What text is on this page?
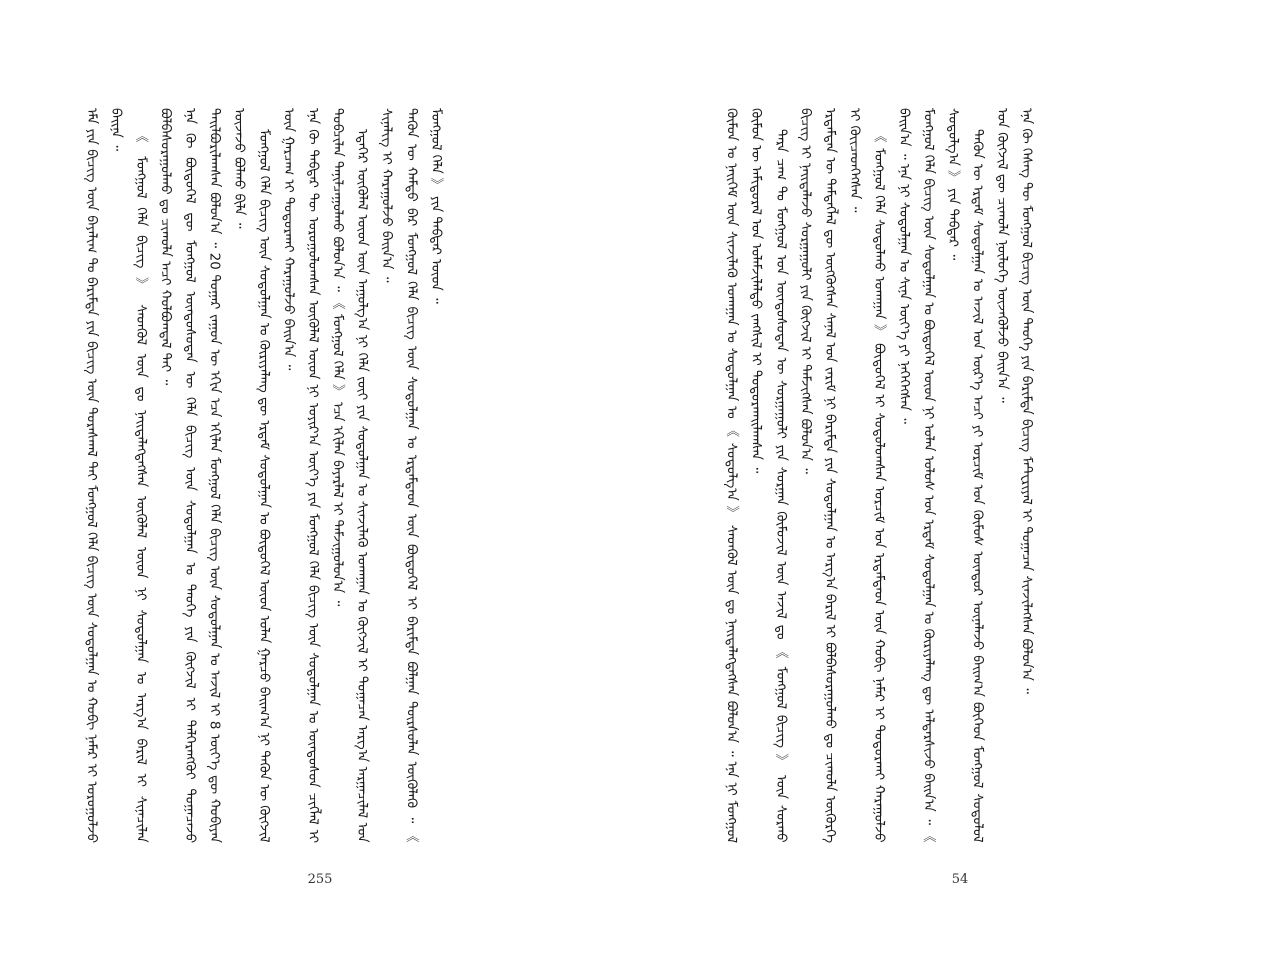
ᠡᠮᠡ ᠶᠢᠨ ᠪᠢᠴᠢᠭ᠌ ᠦᠨ ᠪᠠᠶᠠᠯᠢᠭ ᠲᠤ ᠪᠠᠷᠢᠮᠲᠠ ᠶᠢᠨ ᠪᠢᠴᠢᠭ᠌ ᠦᠨ ᠳᠤᠷᠠᠰᠬᠠᠯ ᠲᠠᠢ ᠮᠣᠩᠭᠣᠯ ᠬᠡᠯᠡ ᠪᠢᠴᠢᠭ᠌ ᠦᠨ ᠰᠤᠳᠤᠯᠭᠠᠨ ᠤ ᠬᠤᠪᠢ ᠨᠡᠮᠡᠷ ᠢ ᠣᠷᠣᠭᠤᠯᠵᠤ ᠪᠠᠢᠨᠠ ᠃ 《 ᠮᠣᠩᠭᠣᠯ ᠬᠡᠯᠡ ᠪᠢᠴᠢᠭ᠌ 》 ᠰᠡᠳᠬᠦᠯ ᠦᠨ ᠳᠤ ᠨᠡᠢᠲᠡᠯᠡᠭᠳᠡᠭᠰᠡᠨ ᠥᠭᠦᠯᠡᠯ ᠦᠳ ᠨᠢ ᠰᠤᠳᠤᠯᠭᠠᠨ ᠤ ᠠᠷᠭ᠎ᠠ ᠪᠠᠷᠢᠯ ᠢ ᠰᠢᠨᠡᠴᠢᠯᠡᠨ ᠪᠣᠯᠪᠠᠰᠤᠷᠠᠭᠤᠯᠬᠤ ᠳᠤ ᠴᠢᠬᠤᠯᠠ ᠠᠴᠢ ᠬᠣᠯᠪᠣᠭᠳᠠᠯ ᠲᠠᠢ ᠃ ᠡᠨᠡ ᠬᠦ ᠪᠦᠲᠦᠭᠡᠯ ᠳᠦ ᠮᠣᠩᠭᠣᠯ ᠦᠨᠳᠦᠰᠦᠲᠡᠨ ᠦ ᠬᠡᠯᠡ ᠪᠢᠴᠢᠭ᠌ ᠦᠨ ᠰᠤᠳᠤᠯᠭᠠᠨ ᠤ ᠲᠡᠦᠬᠡ ᠶᠢᠨ ᠬᠥᠭᠵᠢᠯ ᠢ ᠳᠡᠯᠭᠡᠷᠡᠩᠭᠦᠢ ᠲᠣᠭᠠᠴᠠᠵᠤ ᠲᠠᠢᠯᠪᠤᠷᠢᠯᠠᠭᠰᠠᠨ ᠪᠣᠯᠤᠨ᠎ᠠ ᠃ 20 ᠳᠤᠭᠠᠷ ᠵᠠᠭᠤᠨ ᠦ ᠡᠬᠢᠨ ᠡᠴᠡ ᠡᠬᠢᠯᠡᠨ ᠮᠣᠩᠭᠣᠯ ᠬᠡᠯᠡ ᠪᠢᠴᠢᠭ᠌ ᠦᠨ ᠰᠤᠳᠤᠯᠭᠠᠨ ᠤ ᠠᠵᠢᠯ ᠢ 8 ᠦᠶ᠎ᠡ ᠳᠦ ᠬᠤᠪᠢᠶᠠᠨ ᠦᠵᠡᠵᠦ ᠪᠣᠯᠬᠤ ᠪᠢᠯᠡ ᠃ ᠮᠣᠩᠭᠣᠯ ᠬᠡᠯᠡ ᠪᠢᠴᠢᠭ᠌ ᠦᠨ ᠰᠤᠳᠤᠯᠭᠠᠨ ᠤ ᠬᠦᠷᠢᠶᠡᠯᠡᠩ ᠳᠦ ᠡᠷᠳᠡᠮ ᠰᠤᠳᠤᠯᠭᠠᠨ ᠤ ᠪᠦᠲᠦᠭᠡᠯ ᠦᠳ ᠣᠯᠠᠨ ᠭᠠᠷᠴᠤ ᠪᠠᠢᠭ᠎ᠠ ᠨᠢ ᠲᠡᠭᠦᠨ ᠦ ᠬᠥᠭᠵᠢᠯ ᠦᠨ ᠭᠠᠷᠴᠠᠭ ᠢ ᠲᠣᠳᠣᠷᠬᠠᠢ ᠬᠠᠷᠠᠭᠤᠯᠵᠤ ᠪᠠᠢᠨ᠎ᠠ ᠃ ᠡᠨᠡ ᠬᠦ ᠳᠡᠪᠲᠡᠷ ᠲᠦ ᠣᠷᠣᠭᠤᠯᠤᠭᠰᠠᠨ ᠥᠭᠦᠯᠡᠯ ᠦᠳ ᠨᠢ ᠣᠶᠢᠷ᠎ᠠ ᠦᠶ᠎ᠡ ᠶᠢᠨ ᠮᠣᠩᠭᠣᠯ ᠬᠡᠯᠡ ᠪᠢᠴᠢᠭ᠌ ᠦᠨ ᠰᠤᠳᠤᠯᠭᠠᠨ ᠤ ᠦᠨᠳᠦᠰᠦᠨ ᠴᠢᠭᠯᠡᠯ ᠢ ᠲᠣᠪᠴᠢᠯᠠᠨ ᠲᠠᠨᠢᠯᠴᠠᠭᠤᠯᠬᠤ ᠪᠣᠯᠤᠨ᠎ᠠ ᠃ 《 ᠮᠣᠩᠭᠣᠯ ᠬᠡᠯᠡ 》 ᠡᠴᠡ ᠡᠬᠢᠯᠡᠨ ᠪᠠᠶᠠᠷᠯᠠᠯ ᠢ ᠳᠠᠮᠵᠢᠭᠤᠯᠤᠨ᠎ᠠ ᠃ ᠡᠳᠡᠭᠡᠷ ᠥᠭᠦᠯᠡᠯ ᠦᠳ ᠦᠨ ᠠᠭᠤᠯᠭ᠎ᠠ ᠨᠢ ᠬᠡᠯᠡ ᠵᠦᠢ ᠶᠢᠨ ᠰᠤᠳᠤᠯᠭᠠᠨ ᠤ ᠰᠢᠨᠵᠢᠯᠡᠬᠦ ᠤᠬᠠᠭᠠᠨ ᠤ ᠬᠥᠭᠵᠢᠯ ᠢ ᠲᠣᠭᠠᠴᠠᠨ ᠠᠷᠭ᠎ᠠ ᠠᠷᠭᠠᠴᠢᠯᠠᠯ ᠤᠨ ᠰᠢᠨᠡᠯᠢᠭ ᠢ ᠬᠠᠷᠠᠭᠤᠯᠵᠤ ᠪᠠᠢᠨ᠎ᠠ ᠃ ᠲᠡᠭᠦᠨ ᠦ ᠬᠠᠮᠲᠤ ᠪᠡᠷ ᠮᠣᠩᠭᠣᠯ ᠬᠡᠯᠡ ᠪᠢᠴᠢᠭ᠌ ᠦᠨ ᠰᠤᠳᠤᠯᠭᠠᠨ ᠤ ᠡᠷᠳᠡᠮᠲᠡᠳ ᠦᠨ ᠪᠦᠲᠦᠭᠡᠯ ᠢ ᠪᠠᠷᠢᠮᠲᠠ ᠪᠣᠯᠭᠠᠨ ᠳᠦᠷᠰᠦᠯᠡᠨ ᠥᠭᠦᠯᠡᠬᠦ ᠃ 《 ᠮᠣᠩᠭᠣᠯ ᠬᠡᠯᠡ 》 ᠶᠢᠨ ᠳᠡᠪᠲᠡᠷ ᠦᠳ ᠃

255

ᠬᠦᠮᠦᠨ ᠤ ᠨᠡᠢᠭᠡᠮ ᠦᠨ ᠰᠢᠨᠵᠢᠯᠡᠬᠦ ᠤᠬᠠᠭᠠᠨ ᠤ ᠰᠤᠳᠤᠯᠭᠠᠨ ᠤ 《 ᠰᠤᠳᠤᠯᠭ᠎ᠠ 》 ᠰᠡᠳᠬᠦᠯ ᠦᠨ ᠳᠤ ᠨᠡᠢᠲᠡᠯᠡᠭᠳᠡᠭᠰᠡᠨ ᠪᠣᠯᠤᠨ᠎ᠠ ᠃ ᠡᠨᠡ ᠨᠢ ᠮᠣᠩᠭᠣᠯ ᠬᠦᠮᠦᠨ ᠦ ᠠᠮᠢᠳᠤᠷᠠᠯ ᠤᠨ ᠤᠯᠠᠮᠵᠢᠯᠠᠯᠲᠤ ᠵᠠᠩᠰᠢᠯ ᠢ ᠲᠣᠳᠣᠷᠬᠠᠢᠯᠠᠭᠰᠠᠨ ᠃ ᠲᠡᠷᠡ ᠴᠠᠭ ᠲᠤ ᠮᠣᠩᠭᠣᠯ ᠤᠨ ᠦᠨᠳᠦᠰᠦᠲᠡᠨ ᠦ ᠰᠤᠷᠭᠠᠭᠤᠯᠢ ᠶᠢᠨ ᠰᠤᠷᠭᠠᠨ ᠬᠦᠮᠦᠵᠢᠯ ᠦᠨ ᠠᠵᠢᠯ ᠳᠤ 《 ᠮᠣᠩᠭᠣᠯ ᠪᠢᠴᠢᠭ᠌ 》 ᠦᠨ ᠰᠤᠷᠬᠤ ᠪᠢᠴᠢᠭ ᠢ ᠨᠡᠢᠲᠡᠯᠡᠵᠦ ᠰᠤᠷᠭᠠᠭᠤᠯᠢ ᠶᠢᠨ ᠬᠥᠭᠵᠢᠯ ᠢ ᠳᠡᠮᠵᠢᠭᠰᠡᠨ ᠪᠣᠯᠤᠨ᠎ᠠ ᠃ ᠡᠷᠳᠡᠮᠲᠡᠨ ᠦ ᠲᠡᠮᠳᠡᠭᠯᠡᠯ ᠳᠦ ᠥᠭᠭᠦᠭᠰᠡᠨ ᠰᠠᠨᠠᠯ ᠤᠨ ᠵᠠᠷᠢᠮ ᠨᠢ ᠪᠠᠷᠢᠮᠲᠠ ᠶᠢᠨ ᠰᠤᠳᠤᠯᠭᠠᠨ ᠤ ᠠᠷᠭ᠎ᠠ ᠪᠠᠷᠢᠯ ᠢ ᠪᠣᠯᠪᠠᠰᠤᠷᠠᠭᠤᠯᠬᠤ ᠳᠤ ᠴᠢᠬᠤᠯᠠ ᠦᠬᠦᠷᠭᠡ ᠢ ᠭᠦᠢᠴᠡᠳᠬᠡᠭᠰᠡᠨ ᠃ 《 ᠮᠣᠩᠭᠣᠯ ᠬᠡᠯᠡ ᠰᠤᠳᠤᠯᠬᠤ ᠤᠬᠠᠭᠠᠨ 》 ᠪᠦᠲᠦᠭᠡᠯ ᠢ ᠰᠤᠳᠤᠯᠤᠭᠰᠠᠨ ᠣᠷᠴᠢᠮ ᠤᠨ ᠡᠷᠳᠡᠮᠲᠡᠳ ᠦᠨ ᠬᠤᠪᠢ ᠨᠡᠮᠡᠷ ᠢ ᠲᠣᠳᠣᠷᠬᠠᠢ ᠬᠠᠷᠠᠭᠤᠯᠵᠤ ᠪᠠᠢᠨ᠎ᠠ ᠃ ᠡᠨᠡ ᠨᠢ ᠰᠤᠳᠤᠯᠭᠠᠨ ᠤ ᠰᠢᠨᠡ ᠦᠶ᠎ᠡ ᠶᠢ ᠨᠡᠭᠡᠭᠡᠭᠰᠡᠨ ᠃ ᠮᠣᠩᠭᠣᠯ ᠬᠡᠯᠡ ᠪᠢᠴᠢᠭ᠌ ᠦᠨ ᠰᠤᠳᠤᠯᠭᠠᠨ ᠤ ᠪᠦᠲᠦᠭᠡᠯ ᠦᠳ ᠨᠢ ᠣᠯᠠᠨ ᠤᠯᠤᠰ ᠤᠨ ᠡᠷᠳᠡᠮ ᠰᠤᠳᠤᠯᠭᠠᠨ ᠤ ᠬᠦᠷᠢᠶᠡᠯᠡᠩ ᠳᠦ ᠠᠯᠳᠠᠷᠰᠢᠵᠤ ᠪᠠᠢᠨ᠎ᠠ ᠃ 《 ᠰᠤᠳᠤᠯᠭ᠎ᠠ 》 ᠶᠢᠨ ᠳᠡᠪᠲᠡᠷ ᠃ ᠲᠡᠭᠦᠨ ᠦ ᠡᠷᠳᠡᠮ ᠰᠤᠳᠤᠯᠭᠠᠨ ᠤ ᠠᠵᠢᠯ ᠤᠨ ᠦᠷ᠎ᠡ ᠠᠴᠢ ᠶᠢ ᠣᠷᠴᠢᠮ ᠤᠨ ᠬᠦᠮᠦᠰ ᠥᠨᠳᠦᠷ ᠦᠨᠡᠯᠡᠵᠦ ᠪᠠᠢᠭ᠎ᠠ ᠪᠥᠭᠡᠳ ᠮᠣᠩᠭᠣᠯ ᠰᠤᠳᠤᠯᠤᠯ ᠤᠨ ᠬᠥᠭᠵᠢᠯ ᠳᠦ ᠴᠢᠬᠤᠯᠠ ᠨᠥᠯᠦᠭᠡ ᠦᠵᠡᠭᠦᠯᠵᠦ ᠪᠠᠢᠨ᠎ᠠ ᠃ ᠡᠨᠡ ᠬᠦ ᠬᠡᠰᠡᠭ ᠲᠦ ᠮᠣᠩᠭᠣᠯ ᠪᠢᠴᠢᠭ᠌ ᠦᠨ ᠲᠡᠦᠬᠡ ᠶᠢᠨ ᠪᠠᠷᠢᠮᠲᠠ ᠪᠢᠴᠢᠭ ᠮᠠᠲ᠋ᠸᠷᠢᠶᠠᠯ ᠢ ᠲᠣᠭᠠᠴᠠᠨ ᠰᠢᠨᠵᠢᠯᠡᠭᠰᠡᠨ ᠪᠣᠯᠤᠨ᠎ᠠ ᠃

54
